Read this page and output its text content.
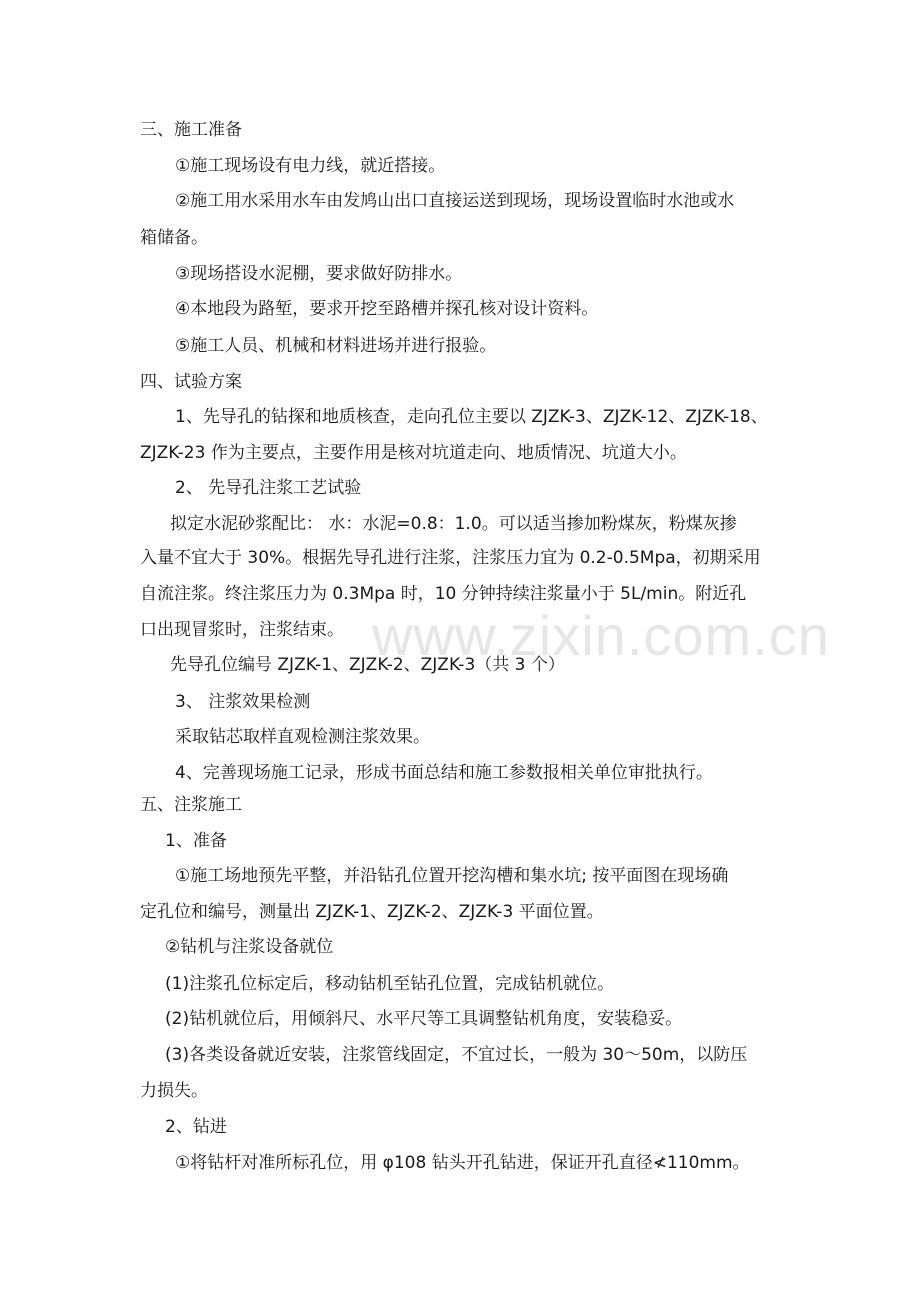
www.zixin.com.cn
三、施工准备
①施工现场设有电力线，就近搭接。
②施工用水采用水车由发鸠山出口直接运送到现场，现场设置临时水池或水
箱储备。
③现场搭设水泥棚，要求做好防排水。
④本地段为路堑，要求开挖至路槽并探孔核对设计资料。
⑤施工人员、机械和材料进场并进行报验。
四、试验方案
1、先导孔的钻探和地质核查，走向孔位主要以 ZJZK-3、ZJZK-12、ZJZK-18、
ZJZK-23 作为主要点，主要作用是核对坑道走向、地质情况、坑道大小。
2、 先导孔注浆工艺试验
拟定水泥砂浆配比： 水：水泥=0.8：1.0。可以适当掺加粉煤灰，粉煤灰掺
入量不宜大于 30%。根据先导孔进行注浆，注浆压力宜为 0.2-0.5Mpa，初期采用
自流注浆。终注浆压力为 0.3Mpa 时，10 分钟持续注浆量小于 5L/min。附近孔
口出现冒浆时，注浆结束。
先导孔位编号 ZJZK-1、ZJZK-2、ZJZK-3（共 3 个）
3、 注浆效果检测
采取钻芯取样直观检测注浆效果。
4、完善现场施工记录，形成书面总结和施工参数报相关单位审批执行。
五、注浆施工
1、准备
①施工场地预先平整，并沿钻孔位置开挖沟槽和集水坑; 按平面图在现场确
定孔位和编号，测量出 ZJZK-1、ZJZK-2、ZJZK-3 平面位置。
②钻机与注浆设备就位
(1)注浆孔位标定后，移动钻机至钻孔位置，完成钻机就位。
(2)钻机就位后，用倾斜尺、水平尺等工具调整钻机角度，安装稳妥。
(3)各类设备就近安装，注浆管线固定，不宜过长，一般为 30～50m，以防压
力损失。
2、钻进
①将钻杆对准所标孔位，用 φ108 钻头开孔钻进，保证开孔直径≮110mm。
